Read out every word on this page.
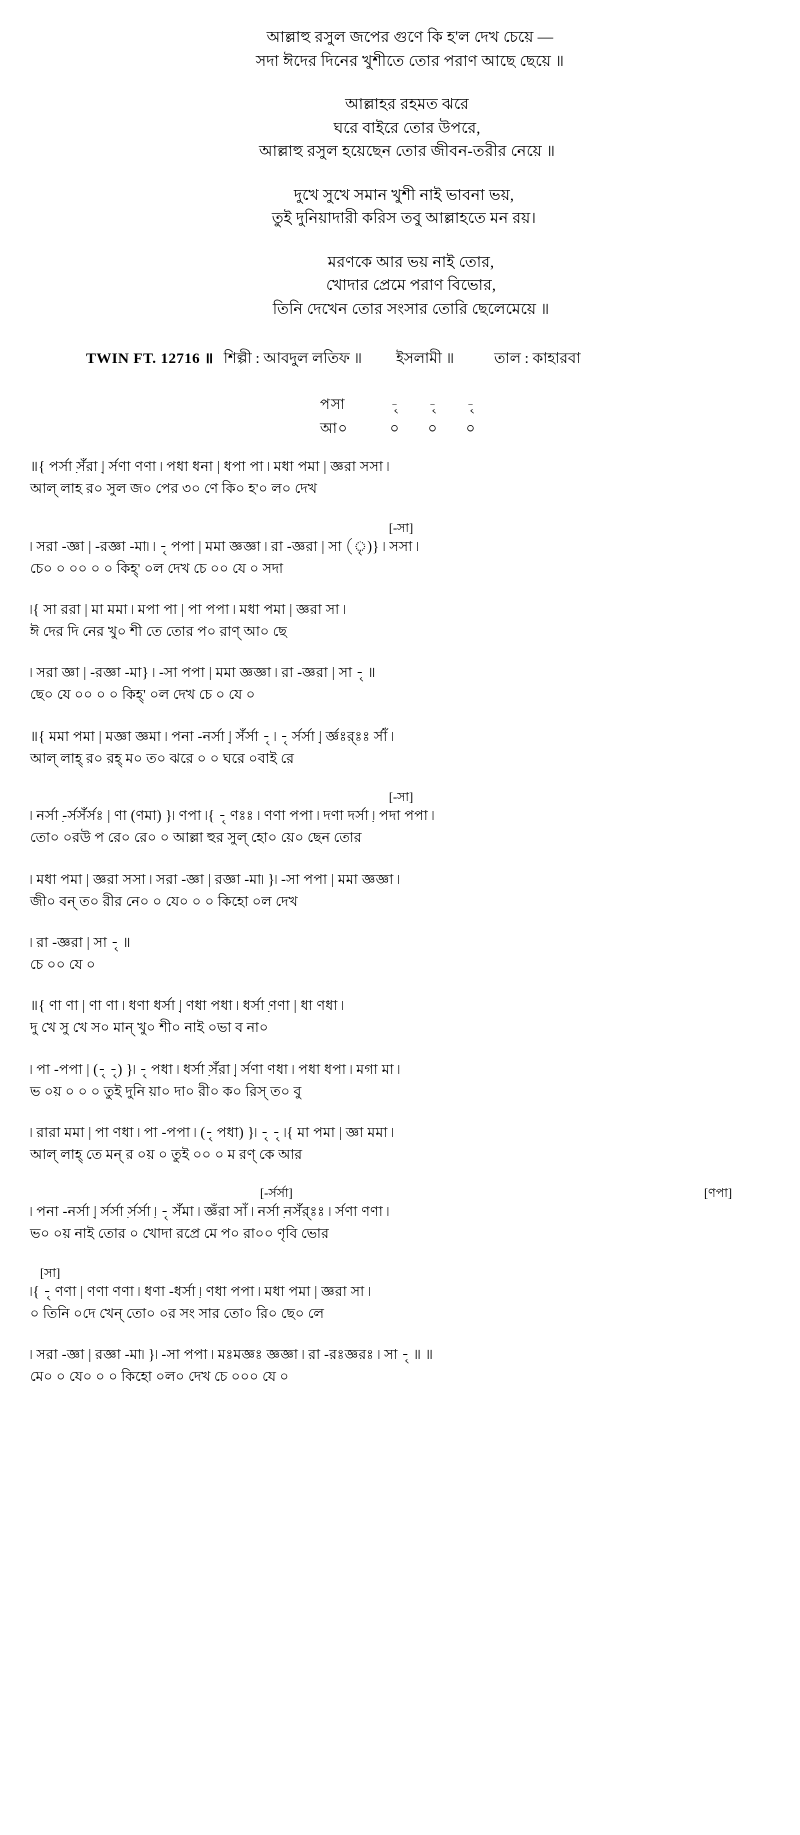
আল্লাহু রসুল জপের গুণে কি হ'ল দেখ চেয়ে —
সদা ঈদের দিনের খুশীতে তোর পরাণ আছে ছেয়ে ॥
আল্লাহর রহমত ঝরে
ঘরে বাইরে তোর উপরে,
আল্লাহু রসুল হয়েছেন তোর জীবন-তরীর নেয়ে ॥
দুখে সুখে সমান খুশী নাই ভাবনা ভয়,
তুই দুনিয়াদারী করিস তবু আল্লাহতে মন রয়।
মরণকে আর ভয় নাই তোর,
খোদার প্রেমে পরাণ বিভোর,
তিনি দেখেন তোর সংসার তোরি ছেলেমেয়ে ॥
TWIN FT. 12716 ॥ শিল্পী : আবদুল লতিফ ॥ ইসলামী ॥	তাল : কাহারবা
পসা	-ৃ -ৃ -ৃ
আ০	০ ০ ০
॥{ পর্সা় র্সঁরা় | র্সণা ণণা ৷ পধা ধনা | ধপা পা ৷ মধা পমা | জ্ঞরা সসা ৷
আল্ লাহ র০ সুল জ০ পে‍র ৩০ ণে কি০ হ'০ ল০ দেখ
[-সা]
৷ সরা -জ্ঞা | -রজ্ঞা -মা৷ ৷ -ৃ পপা | মমা জ্ঞজ্ঞা ৷ রা -জ্ঞরা | সা (ৃ)} ৷ সসা ৷
চে০ ০ ০০ ০ ০ কিহ্' ০ল দেখ চে ০০ যে ০ সদা
৷{ সা ররা | মা মমা ৷ মপা পা | পা পপা ৷ মধা পমা | জ্ঞরা সা ৷
ঈ দের দি নের খু০ শী তে তোর‍ প০ রাণ্ আ০ ছে
৷ সরা জ্ঞা | -রজ্ঞা -মা} ৷ -সা পপা | মমা জ্ঞজ্ঞা ৷ রা -জ্ঞরা | সা -ৃ ॥
ছে০ যে ০০ ০ ০ কিহ্' ০ল দেখ চে ০ যে ০
॥{ মমা পমা | মজ্ঞা জ্ঞমা ৷ পনা -নর্সা় | র্সঁর্সা -ৃ ৷ -ৃ র্সর্সা় | র্জ্ঞঃর্ঃঃ র্সাঁ ৷
আল্ লাহ্ র০ রহ্ ম০ ত০ ঝরে ০ ০ ঘরে ০বাই রে
[-সা]
৷ নর্সা় -র্সর্সঁর্সঃ | ণা (ণমা) }৷ ণপা ৷{ -ৃ ণঃঃ ৷ ণণা পপা ৷ দণা দর্সা় ৷ পদা পপা ৷
তো০ ০রউ প রে০ রে০ ০ আল্লা হুর সুল্ হো০ য়ে০ ছেন তোর‍
৷ মধা পমা | জ্ঞরা সসা ৷ সরা -জ্ঞা | রজ্ঞা -মা৷ }৷ -সা পপা | মমা জ্ঞজ্ঞা ৷
জী০ বন্ ত০ রীর‍ নে০ ০ যে০ ০ ০ কিহো ০ল দেখ
৷ রা -জ্ঞরা | সা -ৃ ॥
চে ০০ যে ০
॥{ ণা ণা | ণা ণা ৷ ধণা ধর্সা় | ণধা পধা ৷ ধর্সা় ণণা | ধা ণধা ৷
দু খে সু খে স০ মান্ খু০ শী০ নাই ০ভা ব না০
৷ পা -পপা | (-ৃ -ৃ) }৷ -ৃ পধা ৷ ধর্সা় র্সঁরা় | র্সণা ণধা ৷ পধা ধপা ৷ মগা মা ৷
ভ ০য় ০ ০ ০ তুই দুনি য়া০ দা০ রী০ ক০ রিস্ ত০ বু
৷ রারা মমা | পা ণধা ৷ পা -পপা ৷ (-ৃ পধা) }৷ -ৃ -ৃ ৷{ মা পমা | জ্ঞা মমা ৷
আল্ লাহ্ তে মন্ র ০য় ০ তুই ০০ ০ ম রণ্ কে আর‍
[-র্সর্সা]	[ণপা]
৷ পনা -নর্সা় | র্সর্সা় র্সর্সা় ৷ -ৃ র্সঁমা ৷ জ্ঞঁরা সাঁ ৷ নর্সা় নর্সঁর্ঃঃ ৷ র্সণা ণণা ৷
ভ০ ০য় নাই তোর‍ ০ খোদা র‍প্রে মে প০ রা০০ ণৃবি ভোর‍
[সা]
৷{ -ৃ ণণা | ণণা ণণা ৷ ধণা -ধর্সা় ৷ ণধা পপা ৷ মধা পমা | জ্ঞরা সা ৷
০ তিনি ০দে খেন্ তো০ ০র‍ সং সার‍ তো০ রি০ ছে০ লে
৷ সরা -জ্ঞা | রজ্ঞা -মা৷ }৷ -সা পপা ৷ মঃমজ্ঞঃ জ্ঞজ্ঞা ৷ রা -রঃজ্ঞরঃ ৷ সা -ৃ ॥ ॥
মে০ ০ যে০ ০ ০ কিহো ০ল০ দেখ চে ০০০ যে ০
